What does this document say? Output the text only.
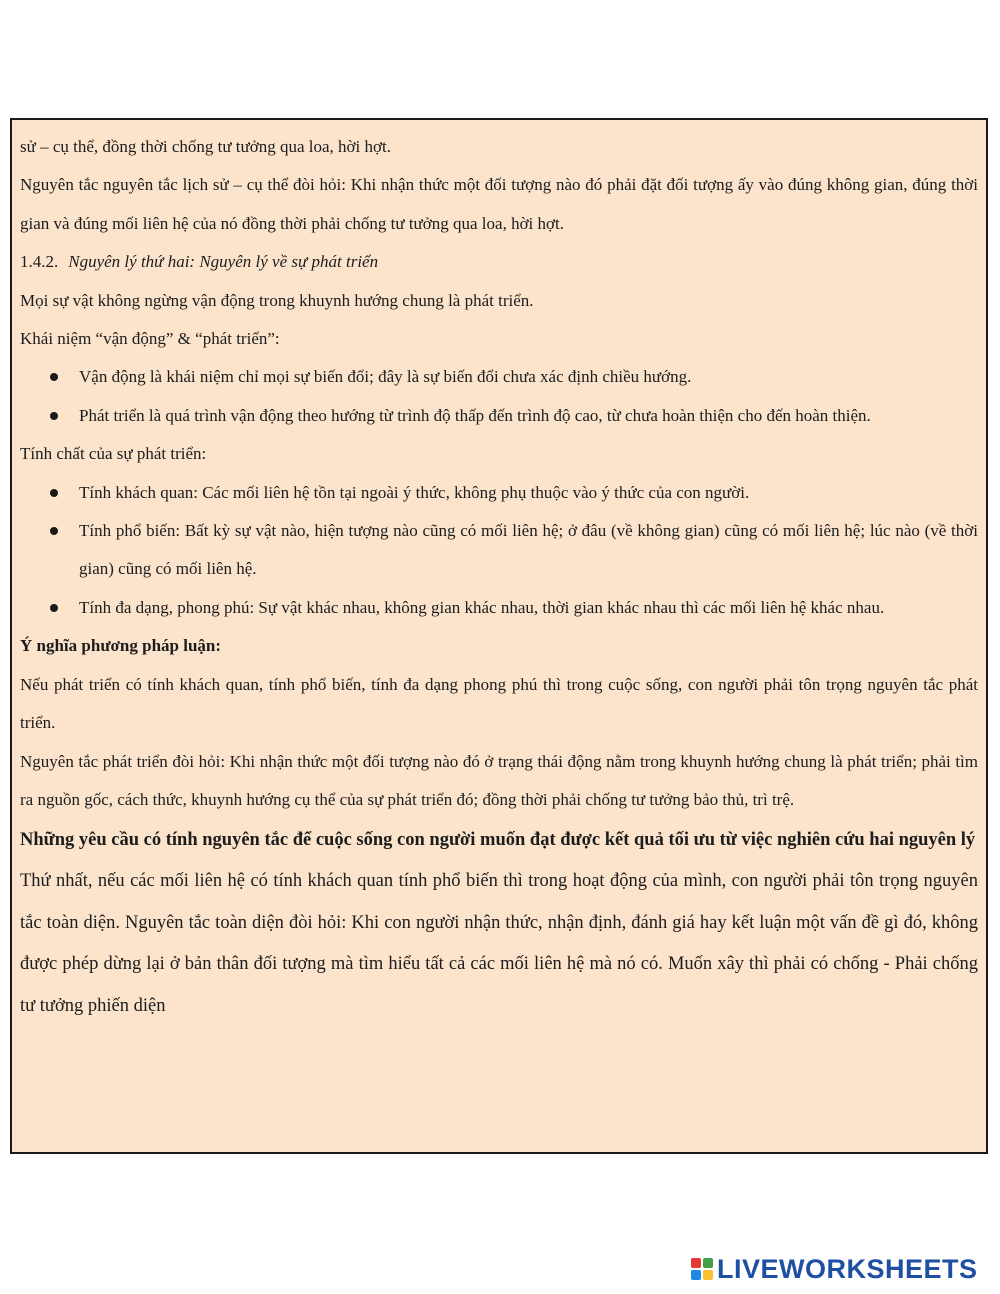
sử – cụ thể, đồng thời chống tư tưởng qua loa, hời hợt.

Nguyên tắc nguyên tắc lịch sử – cụ thể đòi hỏi: Khi nhận thức một đối tượng nào đó phải đặt đối tượng ấy vào đúng không gian, đúng thời gian và đúng mối liên hệ của nó đồng thời phải chống tư tưởng qua loa, hời hợt.

1.4.2. Nguyên lý thứ hai: Nguyên lý về sự phát triển

Mọi sự vật không ngừng vận động trong khuynh hướng chung là phát triển.

Khái niệm “vận động” & “phát triển”:

Vận động là khái niệm chỉ mọi sự biến đổi; đây là sự biến đổi chưa xác định chiều hướng.
Phát triển là quá trình vận động theo hướng từ trình độ thấp đến trình độ cao, từ chưa hoàn thiện cho đến hoàn thiện.

Tính chất của sự phát triển:

Tính khách quan: Các mối liên hệ tồn tại ngoài ý thức, không phụ thuộc vào ý thức của con người.
Tính phổ biến: Bất kỳ sự vật nào, hiện tượng nào cũng có mối liên hệ; ở đâu (về không gian) cũng có mối liên hệ; lúc nào (về thời gian) cũng có mối liên hệ.
Tính đa dạng, phong phú: Sự vật khác nhau, không gian khác nhau, thời gian khác nhau thì các mối liên hệ khác nhau.

Ý nghĩa phương pháp luận:

Nếu phát triển có tính khách quan, tính phổ biến, tính đa dạng phong phú thì trong cuộc sống, con người phải tôn trọng nguyên tắc phát triển.

Nguyên tắc phát triển đòi hỏi: Khi nhận thức một đối tượng nào đó ở trạng thái động nằm trong khuynh hướng chung là phát triển; phải tìm ra nguồn gốc, cách thức, khuynh hướng cụ thể của sự phát triển đó; đồng thời phải chống tư tưởng bảo thủ, trì trệ.

Những yêu cầu có tính nguyên tắc để cuộc sống con người muốn đạt được kết quả tối ưu từ việc nghiên cứu hai nguyên lý

Thứ nhất, nếu các mối liên hệ có tính khách quan tính phổ biến thì trong hoạt động của mình, con người phải tôn trọng nguyên tắc toàn diện. Nguyên tắc toàn diện đòi hỏi: Khi con người nhận thức, nhận định, đánh giá hay kết luận một vấn đề gì đó, không được phép dừng lại ở bản thân đối tượng mà tìm hiểu tất cả các mối liên hệ mà nó có. Muốn xây thì phải có chống - Phải chống tư tưởng phiến diện

LIVEWORKSHEETS
